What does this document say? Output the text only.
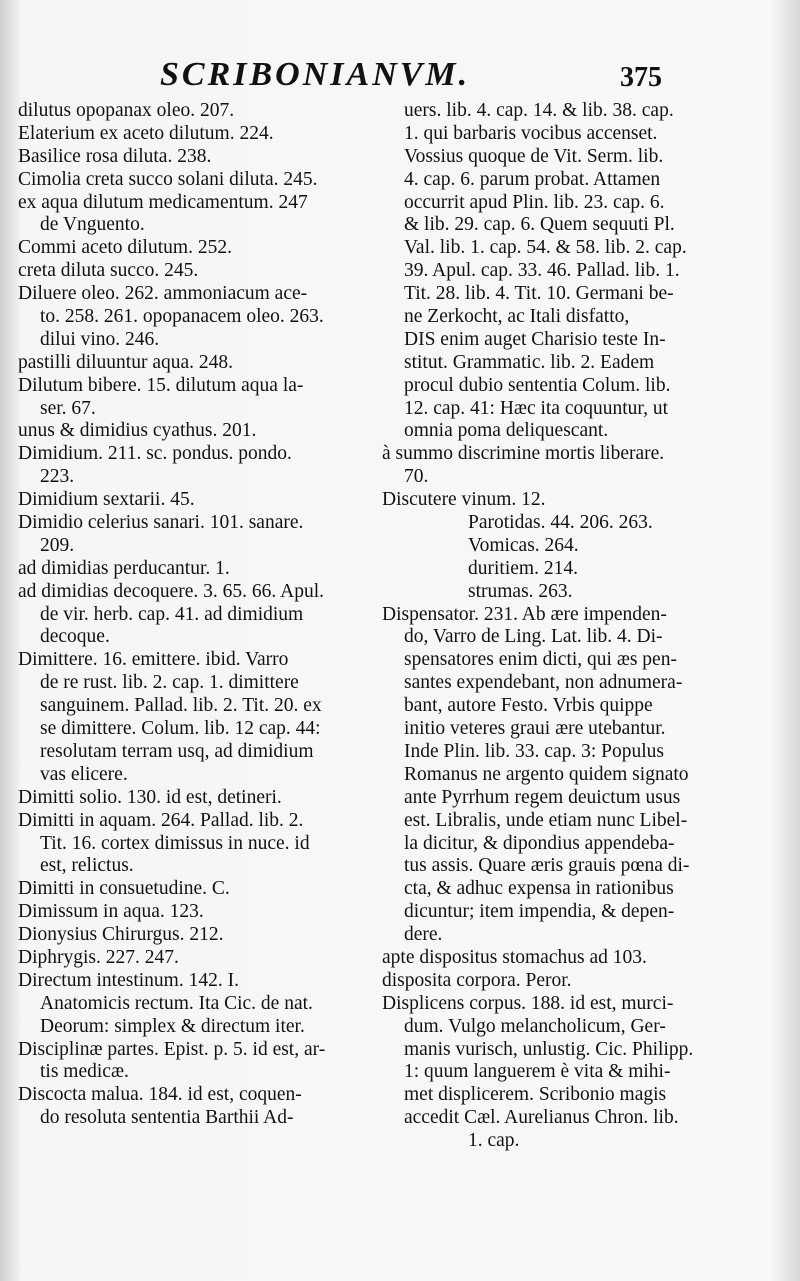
SCRIBONIANVM.	375
dilutus opopanax oleo. 207.
Elaterium ex aceto dilutum. 224.
Basilice rosa diluta. 238.
Cimolia creta succo solani diluta. 245.
ex aqua dilutum medicamentum. 247
de Vnguento.
Commi aceto dilutum. 252.
creta diluta succo. 245.
Diluere oleo. 262. ammoniacum ace-
to. 258. 261. opopanacem oleo. 263.
dilui vino. 246.
pastilli diluuntur aqua. 248.
Dilutum bibere. 15. dilutum aqua la-
ser. 67.
unus & dimidius cyathus. 201.
Dimidium. 211. sc. pondus. pondo.
223.
Dimidium sextarii. 45.
Dimidio celerius sanari. 101. sanare.
209.
ad dimidias perducantur. 1.
ad dimidias decoquere. 3. 65. 66. Apul.
de vir. herb. cap. 41. ad dimidium
decoque.
Dimittere. 16. emittere. ibid. Varro
de re rust. lib. 2. cap. 1. dimittere
sanguinem. Pallad. lib. 2. Tit. 20. ex
se dimittere. Colum. lib. 12 cap. 44:
resolutam terram usq, ad dimidium
vas elicere.
Dimitti solio. 130. id est, detineri.
Dimitti in aquam. 264. Pallad. lib. 2.
Tit. 16. cortex dimissus in nuce. id
est, relictus.
Dimitti in consuetudine. C.
Dimissum in aqua. 123.
Dionysius Chirurgus. 212.
Diphrygis. 227. 247.
Directum intestinum. 142. I.
Anatomicis rectum. Ita Cic. de nat.
Deorum: simplex & directum iter.
Disciplinæ partes. Epist. p. 5. id est, ar-
tis medicæ.
Discocta malua. 184. id est, coquen-
do resoluta sententia Barthii Ad-
uers. lib. 4. cap. 14. & lib. 38. cap.
1. qui barbaris vocibus accenset.
Vossius quoque de Vit. Serm. lib.
4. cap. 6. parum probat. Attamen
occurrit apud Plin. lib. 23. cap. 6.
& lib. 29. cap. 6. Quem sequuti Pl.
Val. lib. 1. cap. 54. & 58. lib. 2. cap.
39. Apul. cap. 33. 46. Pallad. lib. 1.
Tit. 28. lib. 4. Tit. 10. Germani be-
ne Zerkocht, ac Itali disfatto,
DIS enim auget Charisio teste In-
stitut. Grammatic. lib. 2. Eadem
procul dubio sententia Colum. lib.
12. cap. 41: Hæc ita coquuntur, ut
omnia poma deliquescant.
à summo discrimine mortis liberare.
70.
Discutere vinum. 12.
Parotidas. 44. 206. 263.
Vomicas. 264.
duritiem. 214.
strumas. 263.
Dispensator. 231. Ab ære impenden-
do, Varro de Ling. Lat. lib. 4. Di-
spensatores enim dicti, qui æs pen-
santes expendebant, non adnumera-
bant, autore Festo. Vrbis quippe
initio veteres graui ære utebantur.
Inde Plin. lib. 33. cap. 3: Populus
Romanus ne argento quidem signato
ante Pyrrhum regem deuictum usus
est. Libralis, unde etiam nunc Libel-
la dicitur, & dipondius appendeba-
tus assis. Quare æris grauis pœna di-
cta, & adhuc expensa in rationibus
dicuntur; item impendia, & depen-
dere.
apte dispositus stomachus ad 103.
disposita corpora. Peror.
Displicens corpus. 188. id est, murci-
dum. Vulgo melancholicum, Ger-
manis vurisch, unlustig. Cic. Philipp.
1: quum languerem è vita & mihi-
met displicerem. Scribonio magis
accedit Cæl. Aurelianus Chron. lib.
1. cap.
